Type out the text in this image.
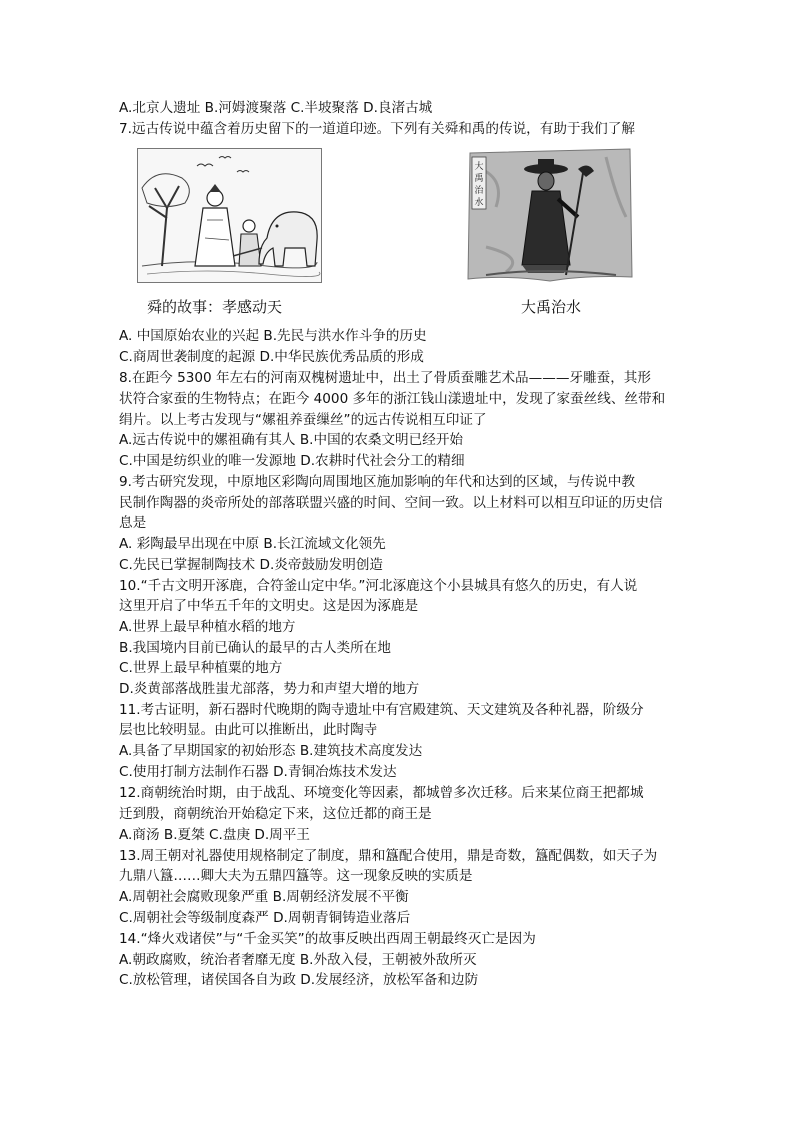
A.北京人遗址 B.河姆渡聚落 C.半坡聚落 D.良渚古城
7.远古传说中蕴含着历史留下的一道道印迹。下列有关舜和禹的传说，有助于我们了解
大
禹
治
水
舜的故事：孝感动天	大禹治水
A. 中国原始农业的兴起 B.先民与洪水作斗争的历史
C.商周世袭制度的起源 D.中华民族优秀品质的形成
8.在距今 5300 年左右的河南双槐树遗址中，出土了骨质蚕雕艺术品———牙雕蚕，其形
状符合家蚕的生物特点；在距今 4000 多年的浙江钱山漾遗址中，发现了家蚕丝线、丝带和
绢片。以上考古发现与“嫘祖养蚕缫丝”的远古传说相互印证了
A.远古传说中的嫘祖确有其人 B.中国的农桑文明已经开始
C.中国是纺织业的唯一发源地 D.农耕时代社会分工的精细
9.考古研究发现，中原地区彩陶向周围地区施加影响的年代和达到的区域，与传说中教
民制作陶器的炎帝所处的部落联盟兴盛的时间、空间一致。以上材料可以相互印证的历史信
息是
A. 彩陶最早出现在中原 B.长江流域文化领先
C.先民已掌握制陶技术 D.炎帝鼓励发明创造
10.“千古文明开涿鹿，合符釜山定中华。”河北涿鹿这个小县城具有悠久的历史，有人说
这里开启了中华五千年的文明史。这是因为涿鹿是
A.世界上最早种植水稻的地方
B.我国境内目前已确认的最早的古人类所在地
C.世界上最早种植粟的地方
D.炎黄部落战胜蚩尤部落，势力和声望大增的地方
11.考古证明，新石器时代晚期的陶寺遗址中有宫殿建筑、天文建筑及各种礼器，阶级分
层也比较明显。由此可以推断出，此时陶寺
A.具备了早期国家的初始形态 B.建筑技术高度发达
C.使用打制方法制作石器 D.青铜冶炼技术发达
12.商朝统治时期，由于战乱、环境变化等因素，都城曾多次迁移。后来某位商王把都城
迁到殷，商朝统治开始稳定下来，这位迁都的商王是
A.商汤 B.夏桀 C.盘庚 D.周平王
13.周王朝对礼器使用规格制定了制度，鼎和簋配合使用，鼎是奇数，簋配偶数，如天子为
九鼎八簋……卿大夫为五鼎四簋等。这一现象反映的实质是
A.周朝社会腐败现象严重 B.周朝经济发展不平衡
C.周朝社会等级制度森严 D.周朝青铜铸造业落后
14.“烽火戏诸侯”与“千金买笑”的故事反映出西周王朝最终灭亡是因为
A.朝政腐败，统治者奢靡无度 B.外敌入侵，王朝被外敌所灭
C.放松管理，诸侯国各自为政 D.发展经济，放松军备和边防
